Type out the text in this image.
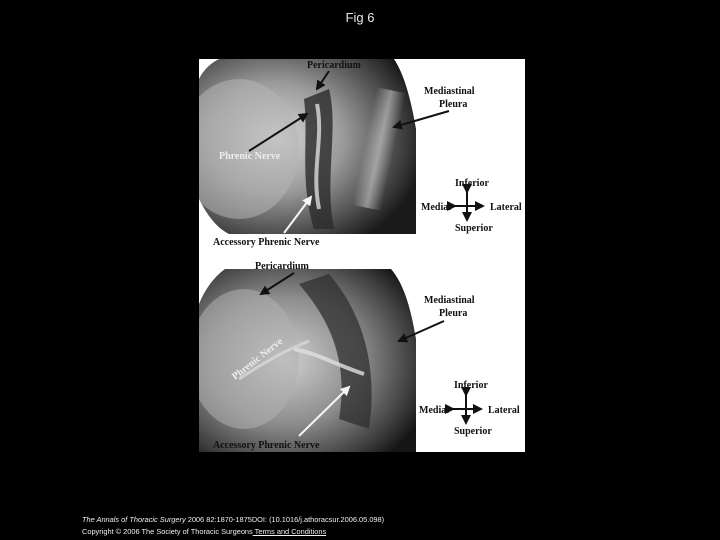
Fig 6
Pericardium
Mediastinal
Pleura
Phrenic Nerve
Accessory Phrenic Nerve
Inferior
Medial	Lateral
Superior
Pericardium
Mediastinal
Pleura
Phrenic Nerve
Accessory Phrenic Nerve
Inferior
Medial	Lateral
Superior
The Annals of Thoracic Surgery 2006 82:1870-1875DOI: (10.1016/j.athoracsur.2006.05.098)
Copyright © 2006 The Society of Thoracic Surgeons Terms and Conditions
